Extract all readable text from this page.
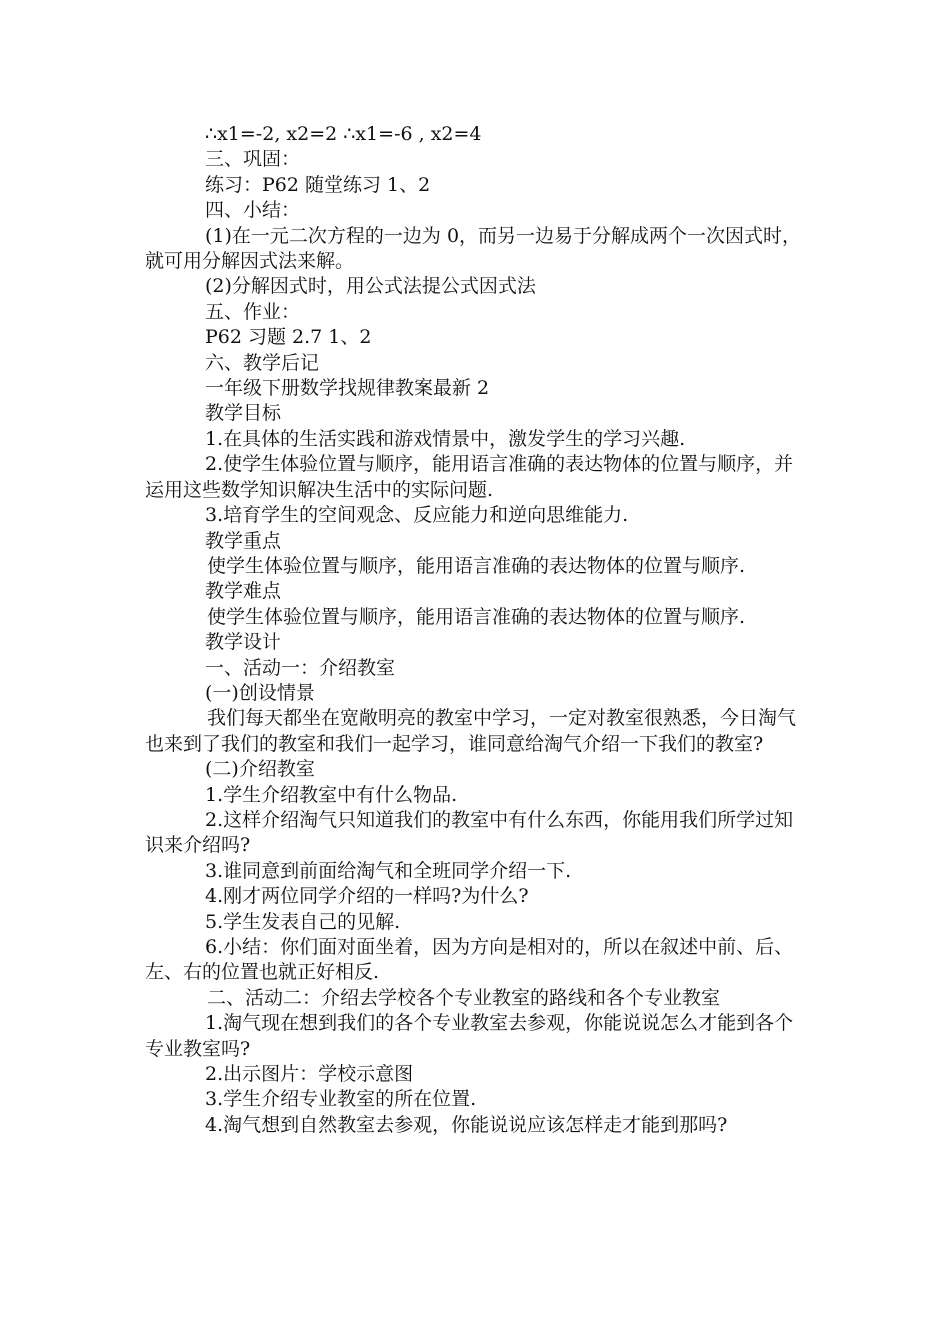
∴x1=-2, x2=2 ∴x1=-6 , x2=4

三、巩固：

练习：P62 随堂练习 1、2

四、小结：

(1)在一元二次方程的一边为 0，而另一边易于分解成两个一次因式时，就可用分解因式法来解。

(2)分解因式时，用公式法提公式因式法

五、作业：

P62 习题 2.7 1、2

六、教学后记

一年级下册数学找规律教案最新 2

教学目标

1.在具体的生活实践和游戏情景中，激发学生的学习兴趣.

2.使学生体验位置与顺序，能用语言准确的表达物体的位置与顺序，并运用这些数学知识解决生活中的实际问题.

3.培育学生的空间观念、反应能力和逆向思维能力.

教学重点

使学生体验位置与顺序，能用语言准确的表达物体的位置与顺序.

教学难点

使学生体验位置与顺序，能用语言准确的表达物体的位置与顺序.

教学设计

一、活动一：介绍教室

(一)创设情景

我们每天都坐在宽敞明亮的教室中学习，一定对教室很熟悉，今日淘气也来到了我们的教室和我们一起学习，谁同意给淘气介绍一下我们的教室?

(二)介绍教室

1.学生介绍教室中有什么物品.

2.这样介绍淘气只知道我们的教室中有什么东西，你能用我们所学过知识来介绍吗?

3.谁同意到前面给淘气和全班同学介绍一下.

4.刚才两位同学介绍的一样吗?为什么?

5.学生发表自己的见解.

6.小结：你们面对面坐着，因为方向是相对的，所以在叙述中前、后、左、右的位置也就正好相反.

二、活动二：介绍去学校各个专业教室的路线和各个专业教室

1.淘气现在想到我们的各个专业教室去参观，你能说说怎么才能到各个专业教室吗?

2.出示图片：学校示意图

3.学生介绍专业教室的所在位置.

4.淘气想到自然教室去参观，你能说说应该怎样走才能到那吗?
